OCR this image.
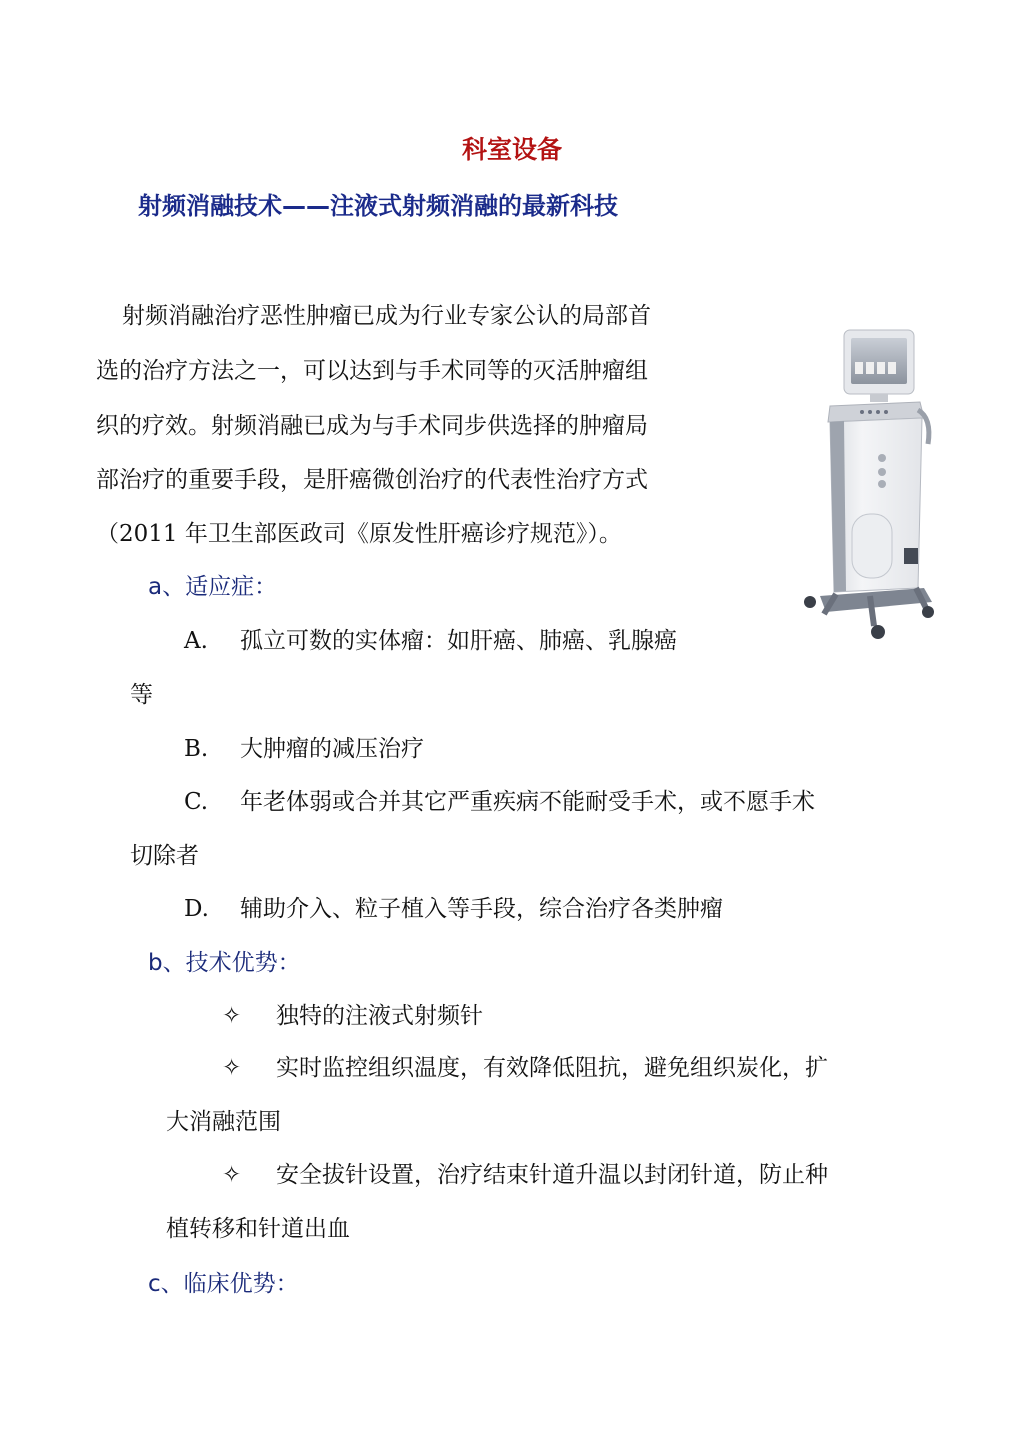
科室设备
射频消融技术——注液式射频消融的最新科技
射频消融治疗恶性肿瘤已成为行业专家公认的局部首
选的治疗方法之一，可以达到与手术同等的灭活肿瘤组
织的疗效。射频消融已成为与手术同步供选择的肿瘤局
部治疗的重要手段，是肝癌微创治疗的代表性治疗方式
（2011 年卫生部医政司《原发性肝癌诊疗规范》）。
a、适应症：
A. 孤立可数的实体瘤：如肝癌、肺癌、乳腺癌
等
B. 大肿瘤的减压治疗
C. 年老体弱或合并其它严重疾病不能耐受手术，或不愿手术
切除者
D. 辅助介入、粒子植入等手段，综合治疗各类肿瘤
b、技术优势：
✧ 独特的注液式射频针
✧ 实时监控组织温度，有效降低阻抗，避免组织炭化，扩
大消融范围
✧ 安全拔针设置，治疗结束针道升温以封闭针道，防止种
植转移和针道出血
c、临床优势：
